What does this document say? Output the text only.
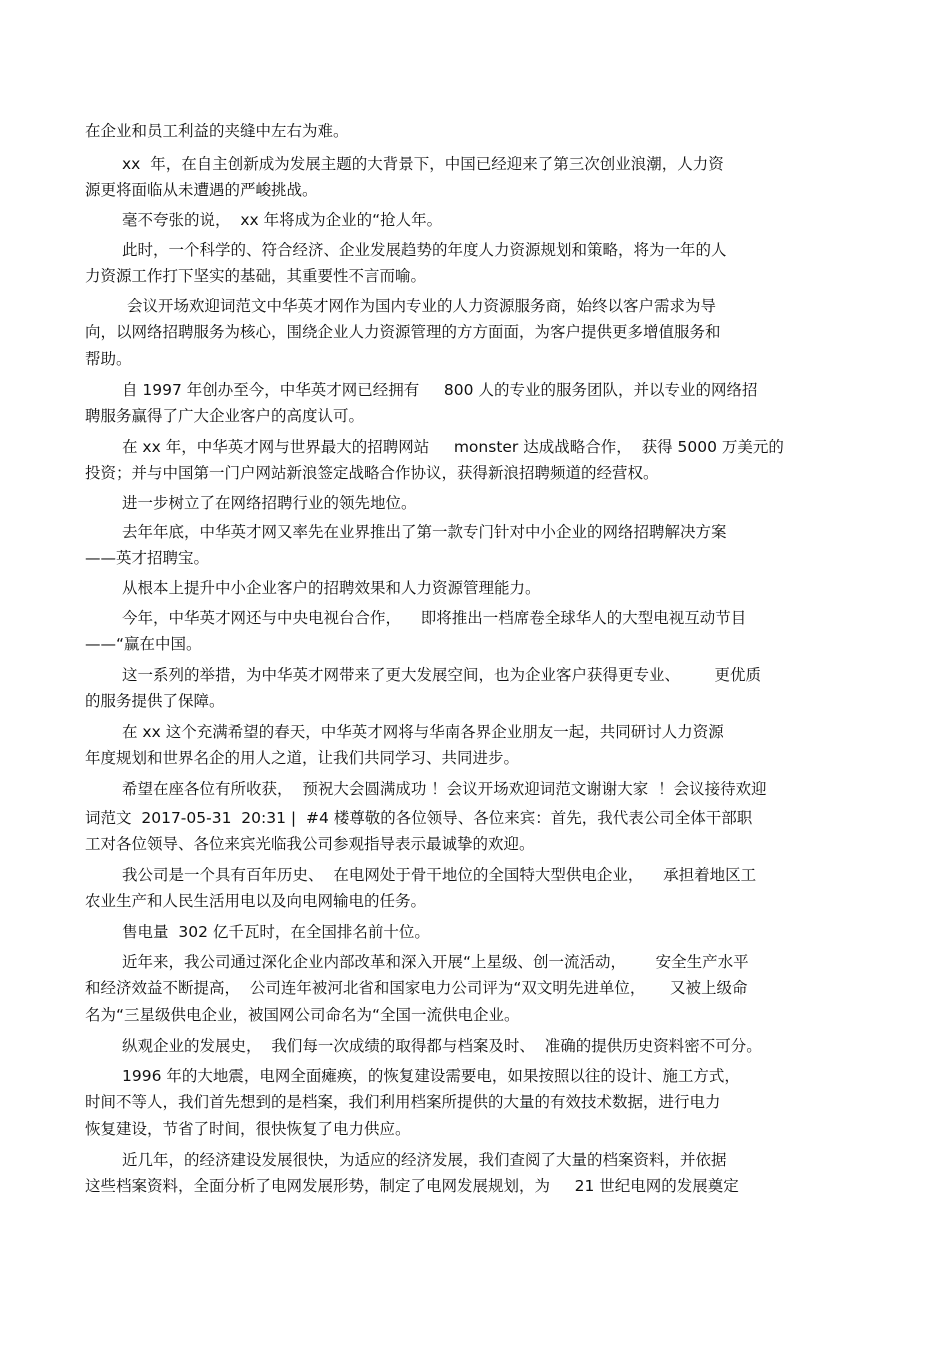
在企业和员工利益的夹缝中左右为难。
xx  年，在自主创新成为发展主题的大背景下，中国已经迎来了第三次创业浪潮，人力资
源更将面临从未遭遇的严峻挑战。
毫不夸张的说，  xx 年将成为企业的“抢人年。
此时，一个科学的、符合经济、企业发展趋势的年度人力资源规划和策略，将为一年的人
力资源工作打下坚实的基础，其重要性不言而喻。
会议开场欢迎词范文中华英才网作为国内专业的人力资源服务商，始终以客户需求为导
向，以网络招聘服务为核心，围绕企业人力资源管理的方方面面，为客户提供更多增值服务和
帮助。
自 1997 年创办至今，中华英才网已经拥有     800 人的专业的服务团队，并以专业的网络招
聘服务赢得了广大企业客户的高度认可。
在 xx 年，中华英才网与世界最大的招聘网站     monster 达成战略合作，  获得 5000 万美元的
投资；并与中国第一门户网站新浪签定战略合作协议，获得新浪招聘频道的经营权。
进一步树立了在网络招聘行业的领先地位。
去年年底，中华英才网又率先在业界推出了第一款专门针对中小企业的网络招聘解决方案
——英才招聘宝。
从根本上提升中小企业客户的招聘效果和人力资源管理能力。
今年，中华英才网还与中央电视台合作，    即将推出一档席卷全球华人的大型电视互动节目
——“赢在中国。
这一系列的举措，为中华英才网带来了更大发展空间，也为企业客户获得更专业、       更优质
的服务提供了保障。
在 xx 这个充满希望的春天，中华英才网将与华南各界企业朋友一起，共同研讨人力资源
年度规划和世界名企的用人之道，让我们共同学习、共同进步。
希望在座各位有所收获，  预祝大会圆满成功 ！会议开场欢迎词范文谢谢大家  ！会议接待欢迎
词范文  2017-05-31  20:31 |  #4 楼尊敬的各位领导、各位来宾：首先，我代表公司全体干部职
工对各位领导、各位来宾光临我公司参观指导表示最诚挚的欢迎。
我公司是一个具有百年历史、  在电网处于骨干地位的全国特大型供电企业，    承担着地区工
农业生产和人民生活用电以及向电网输电的任务。
售电量  302 亿千瓦时，在全国排名前十位。
近年来，我公司通过深化企业内部改革和深入开展“上星级、创一流活动，      安全生产水平
和经济效益不断提高，  公司连年被河北省和国家电力公司评为“双文明先进单位，     又被上级命
名为“三星级供电企业，被国网公司命名为“全国一流供电企业。
纵观企业的发展史，  我们每一次成绩的取得都与档案及时、  准确的提供历史资料密不可分。
1996 年的大地震，电网全面瘫痪，的恢复建设需要电，如果按照以往的设计、施工方式，
时间不等人，我们首先想到的是档案，我们利用档案所提供的大量的有效技术数据，进行电力
恢复建设，节省了时间，很快恢复了电力供应。
近几年，的经济建设发展很快，为适应的经济发展，我们查阅了大量的档案资料，并依据
这些档案资料，全面分析了电网发展形势，制定了电网发展规划，为     21 世纪电网的发展奠定
